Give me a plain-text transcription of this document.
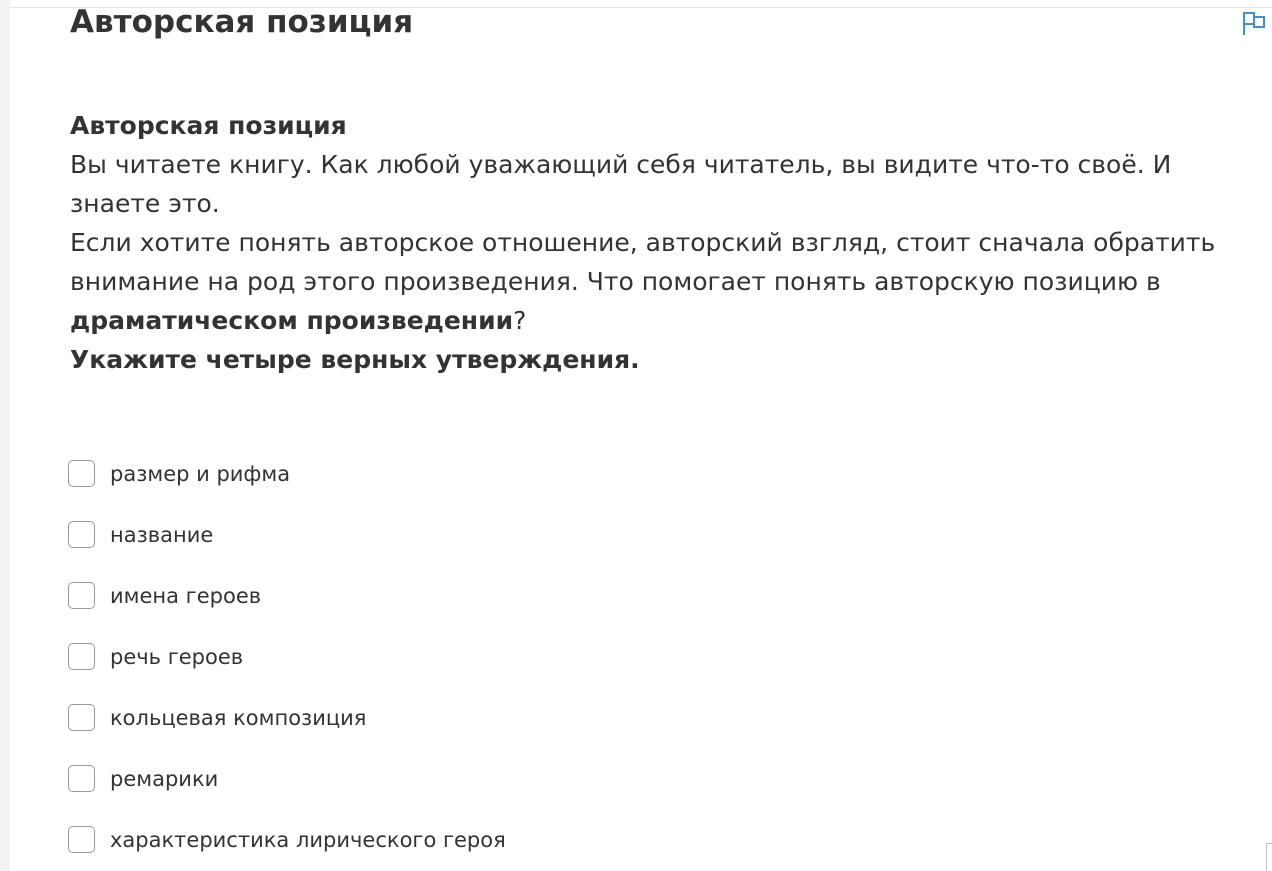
Авторская позиция

Авторская позиция

Вы читаете книгу. Как любой уважающий себя читатель, вы видите что-то своё. И знаете это.

Если хотите понять авторское отношение, авторский взгляд, стоит сначала обратить внимание на род этого произведения. Что помогает понять авторскую позицию в драматическом произведении?

Укажите четыре верных утверждения.

размер и рифма
название
имена героев
речь героев
кольцевая композиция
ремарики
характеристика лирического героя
